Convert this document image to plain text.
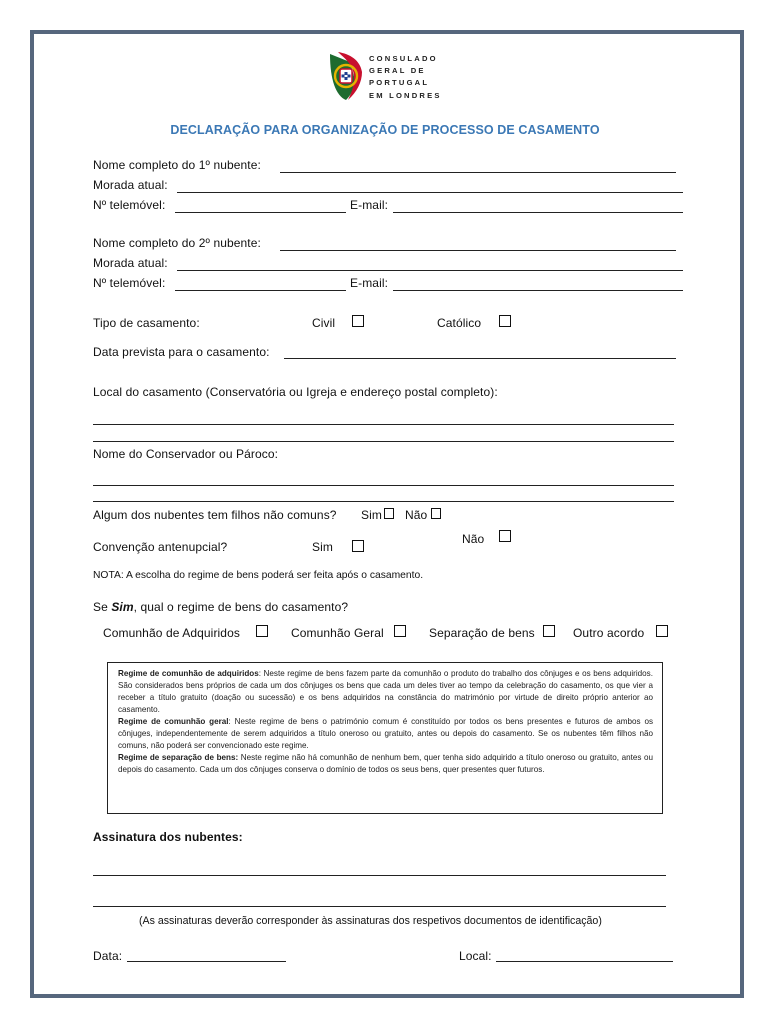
CONSULADO
GERAL DE
PORTUGAL
EM LONDRES
DECLARAÇÃO PARA ORGANIZAÇÃO DE PROCESSO DE CASAMENTO
Nome completo do 1º nubente:
Morada atual:
Nº telemóvel:	E-mail:
Nome completo do 2º nubente:
Morada atual:
Nº telemóvel:	E-mail:
Tipo de casamento:	Civil	Católico
Data prevista para o casamento:
Local do casamento (Conservatória ou Igreja e endereço postal completo):
Nome do Conservador ou Pároco:
Algum dos nubentes tem filhos não comuns? Sim Não
Convenção antenupcial?	Sim
Não
NOTA: A escolha do regime de bens poderá ser feita após o casamento.
Se Sim, qual o regime de bens do casamento?
Comunhão de Adquiridos	Comunhão Geral	Separação de bens	Outro acordo

Regime de comunhão de adquiridos: Neste regime de bens fazem parte da comunhão o produto do trabalho dos cônjuges e os bens adquiridos. São considerados bens próprios de cada um dos cônjuges os bens que cada um deles tiver ao tempo da celebração do casamento, os que vier a receber a título gratuito (doação ou sucessão) e os bens adquiridos na constância do matrimónio por virtude de direito próprio anterior ao casamento.

Regime de comunhão geral: Neste regime de bens o património comum é constituído por todos os bens presentes e futuros de ambos os cônjuges, independentemente de serem adquiridos a título oneroso ou gratuito, antes ou depois do casamento. Se os nubentes têm filhos não comuns, não poderá ser convencionado este regime.

Regime de separação de bens: Neste regime não há comunhão de nenhum bem, quer tenha sido adquirido a título oneroso ou gratuito, antes ou depois do casamento. Cada um dos cônjuges conserva o domínio de todos os seus bens, quer presentes quer futuros.

Assinatura dos nubentes:
(As assinaturas deverão corresponder às assinaturas dos respetivos documentos de identificação)
Data:	Local:
